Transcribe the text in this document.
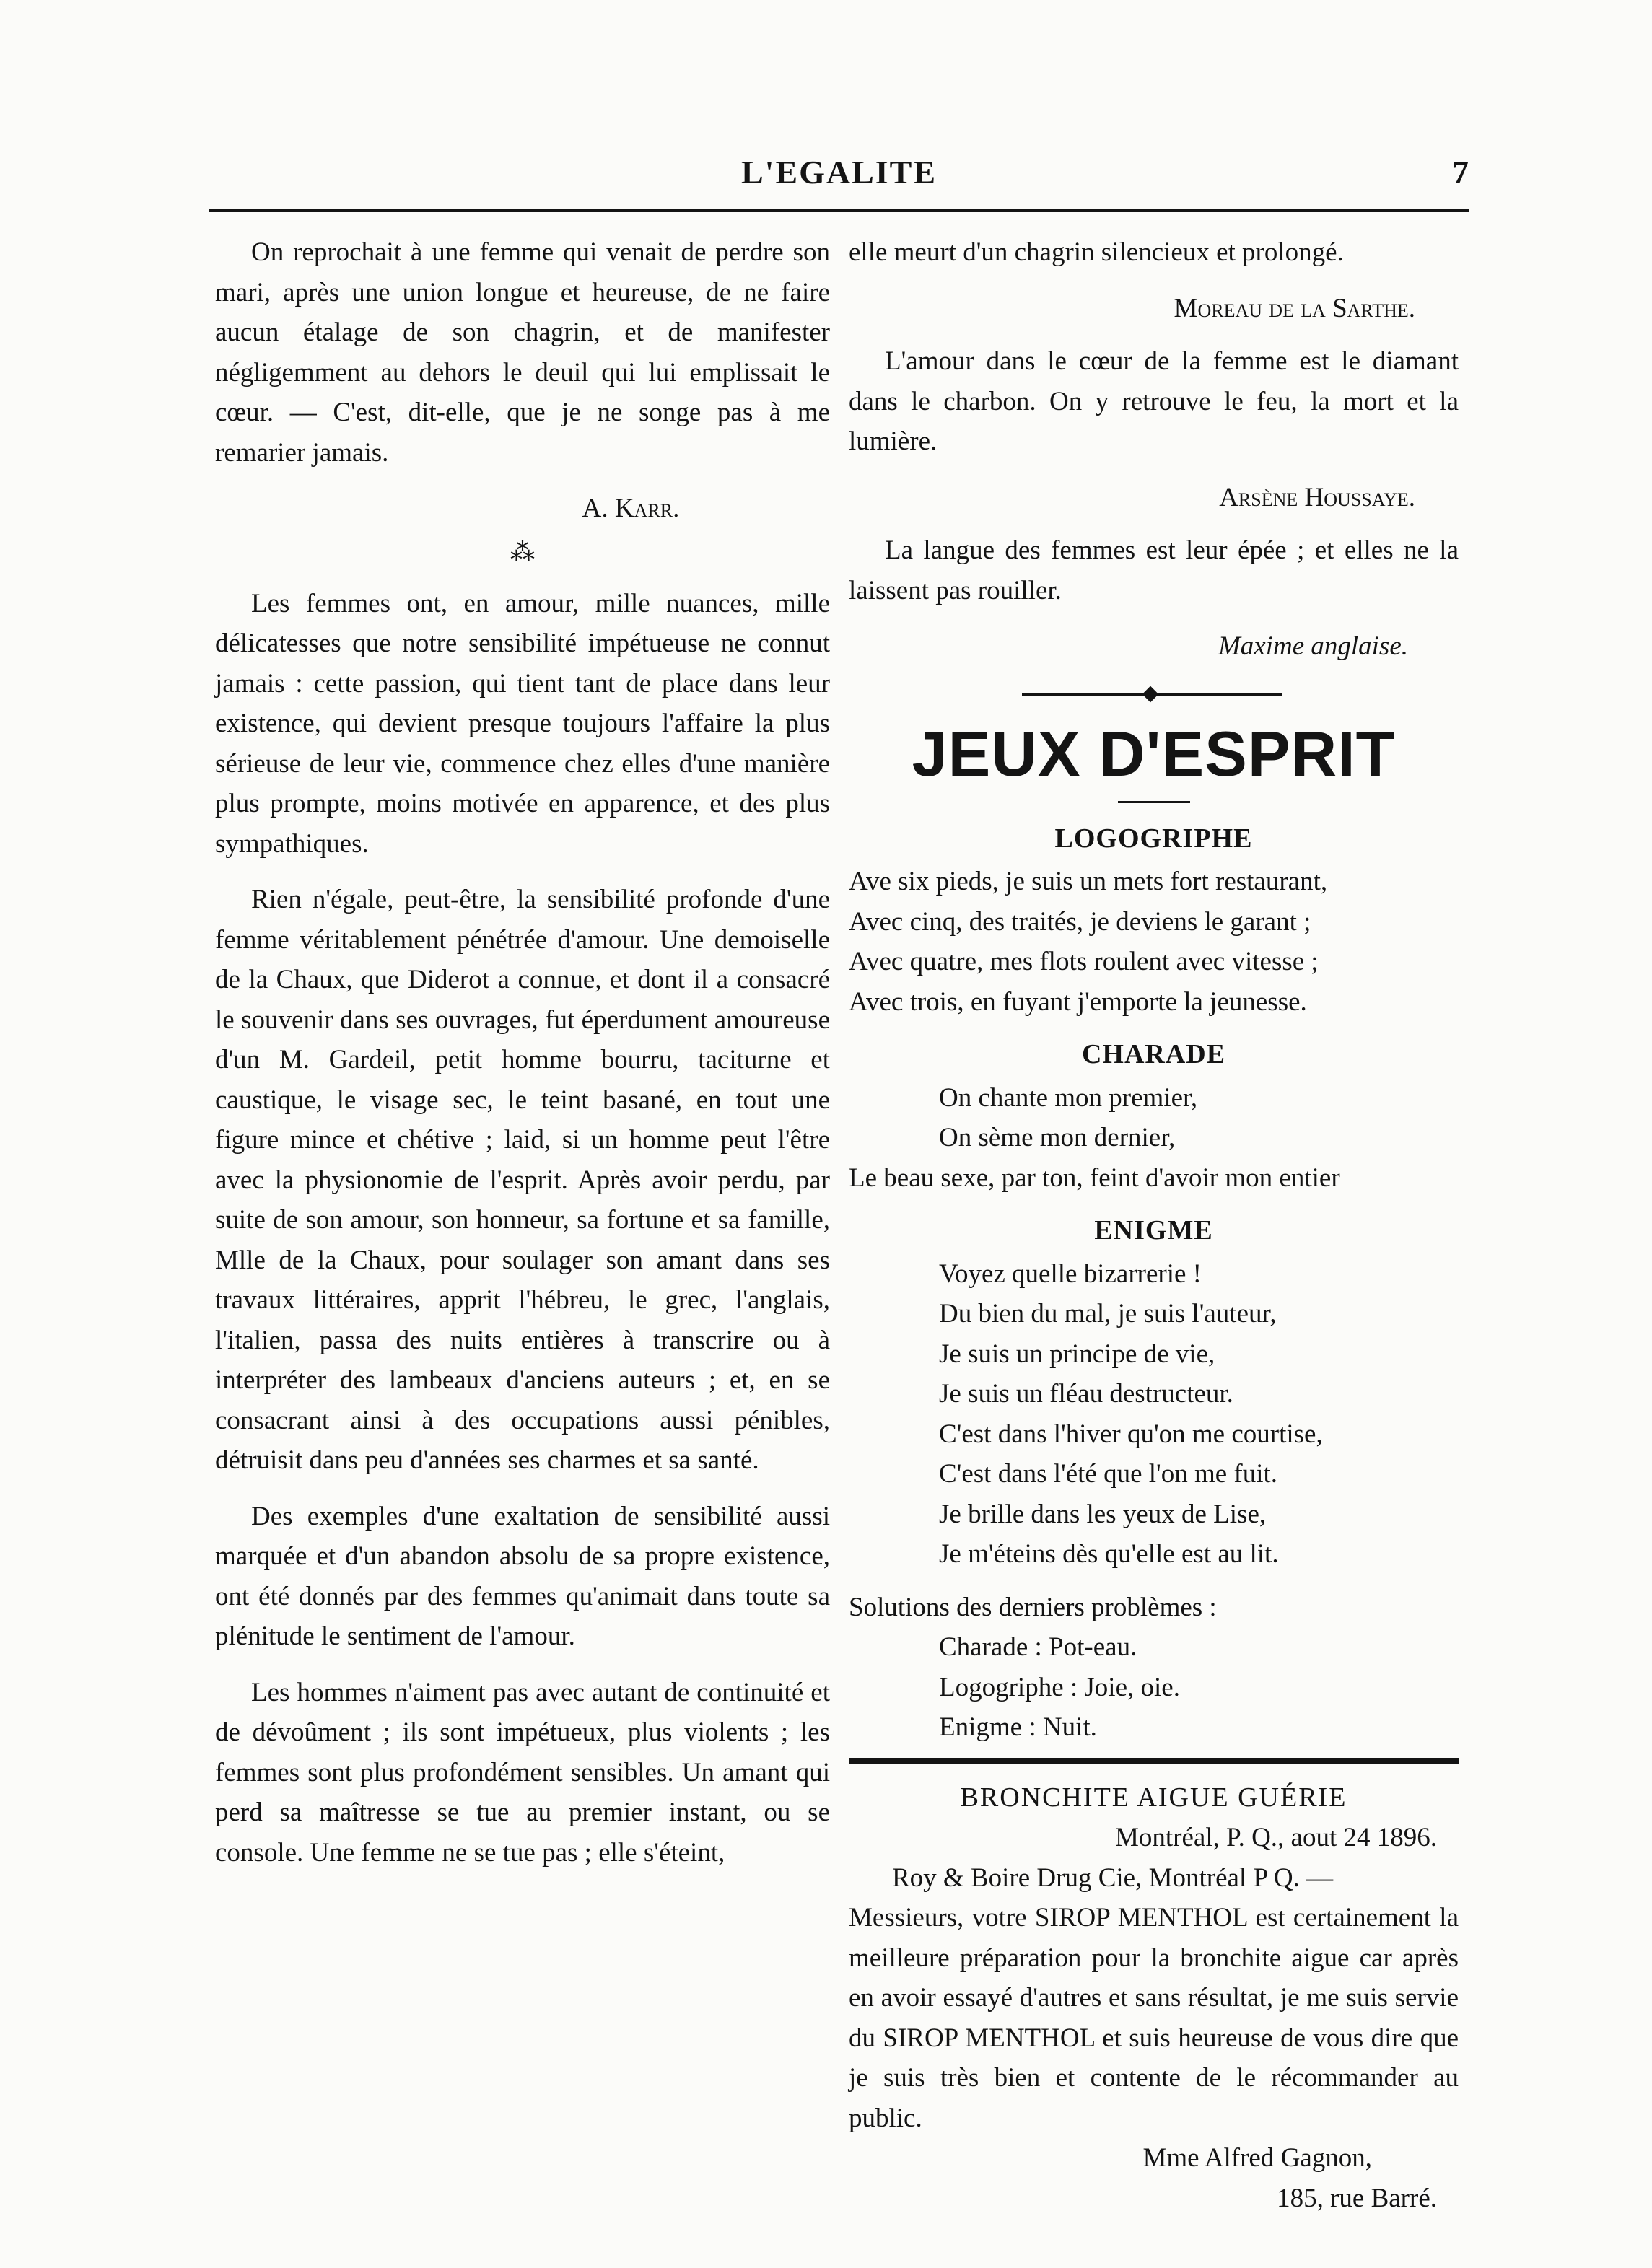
L'EGALITE	7

On reprochait à une femme qui venait de perdre son mari, après une union longue et heureuse, de ne faire aucun étalage de son chagrin, et de manifester négligemment au dehors le deuil qui lui emplissait le cœur. — C'est, dit-elle, que je ne songe pas à me remarier jamais.

A. Karr.
⁂

Les femmes ont, en amour, mille nuances, mille délicatesses que notre sensibilité impétueuse ne connut jamais : cette passion, qui tient tant de place dans leur existence, qui devient presque toujours l'affaire la plus sérieuse de leur vie, commence chez elles d'une manière plus prompte, moins motivée en apparence, et des plus sympathiques.

Rien n'égale, peut-être, la sensibilité profonde d'une femme véritablement pénétrée d'amour. Une demoiselle de la Chaux, que Diderot a connue, et dont il a consacré le souvenir dans ses ouvrages, fut éperdument amoureuse d'un M. Gardeil, petit homme bourru, taciturne et caustique, le visage sec, le teint basané, en tout une figure mince et chétive ; laid, si un homme peut l'être avec la physionomie de l'esprit. Après avoir perdu, par suite de son amour, son honneur, sa fortune et sa famille, Mlle de la Chaux, pour soulager son amant dans ses travaux littéraires, apprit l'hébreu, le grec, l'anglais, l'italien, passa des nuits entières à transcrire ou à interpréter des lambeaux d'anciens auteurs ; et, en se consacrant ainsi à des occupations aussi pénibles, détruisit dans peu d'années ses charmes et sa santé.

Des exemples d'une exaltation de sensibilité aussi marquée et d'un abandon absolu de sa propre existence, ont été donnés par des femmes qu'animait dans toute sa plénitude le sentiment de l'amour.

Les hommes n'aiment pas avec autant de continuité et de dévoûment ; ils sont impétueux, plus violents ; les femmes sont plus profondément sensibles. Un amant qui perd sa maîtresse se tue au premier instant, ou se console. Une femme ne se tue pas ; elle s'éteint,

elle meurt d'un chagrin silencieux et prolongé.

Moreau de la Sarthe.

L'amour dans le cœur de la femme est le diamant dans le charbon. On y retrouve le feu, la mort et la lumière.

Arsène Houssaye.

La langue des femmes est leur épée ; et elles ne la laissent pas rouiller.

Maxime anglaise.
JEUX D'ESPRIT
LOGOGRIPHE
Ave six pieds, je suis un mets fort restaurant,
Avec cinq, des traités, je deviens le garant ;
Avec quatre, mes flots roulent avec vitesse ;
Avec trois, en fuyant j'emporte la jeunesse.
CHARADE
On chante mon premier,
On sème mon dernier,
Le beau sexe, par ton, feint d'avoir mon entier
ENIGME
Voyez quelle bizarrerie !
Du bien du mal, je suis l'auteur,
Je suis un principe de vie,
Je suis un fléau destructeur.
C'est dans l'hiver qu'on me courtise,
C'est dans l'été que l'on me fuit.
Je brille dans les yeux de Lise,
Je m'éteins dès qu'elle est au lit.
Solutions des derniers problèmes :
Charade : Pot-eau.
Logogriphe : Joie, oie.
Enigme : Nuit.
BRONCHITE AIGUE GUÉRIE
Montréal, P. Q., aout 24 1896.
Roy & Boire Drug Cie, Montréal P Q. —

Messieurs, votre SIROP MENTHOL est certainement la meilleure préparation pour la bronchite aigue car après en avoir essayé d'autres et sans résultat, je me suis servie du SIROP MENTHOL et suis heureuse de vous dire que je suis très bien et contente de le récommander au public.

Mme Alfred Gagnon,
185, rue Barré.
